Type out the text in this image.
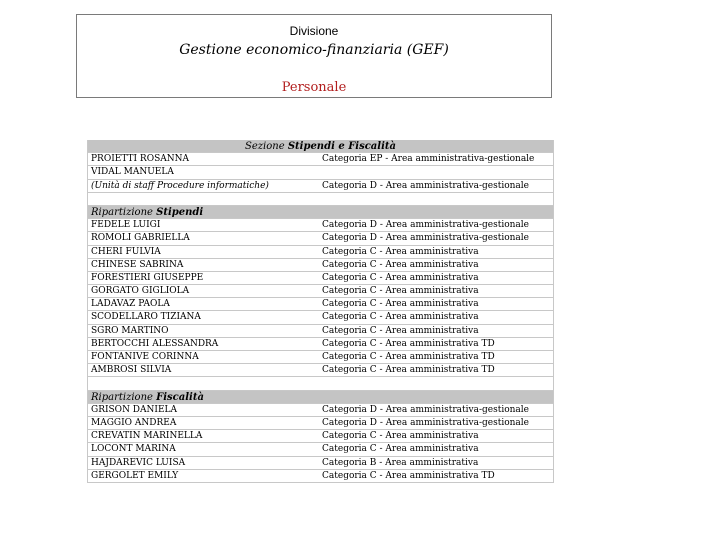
Divisione
Gestione economico-finanziaria (GEF)
Personale
Sezione Stipendi e Fiscalità
PROIETTI ROSANNA	Categoria EP - Area amministrativa-gestionale
VIDAL MANUELA
(Unità di staff Procedure informatiche)	Categoria D - Area amministrativa-gestionale
Ripartizione Stipendi
FEDELE LUIGI	Categoria D - Area amministrativa-gestionale
ROMOLI GABRIELLA	Categoria D - Area amministrativa-gestionale
CHERI FULVIA	Categoria C - Area amministrativa
CHINESE SABRINA	Categoria C - Area amministrativa
FORESTIERI GIUSEPPE	Categoria C - Area amministrativa
GORGATO GIGLIOLA	Categoria C - Area amministrativa
LADAVAZ PAOLA	Categoria C - Area amministrativa
SCODELLARO TIZIANA	Categoria C - Area amministrativa
SGRO MARTINO	Categoria C - Area amministrativa
BERTOCCHI ALESSANDRA	Categoria C - Area amministrativa TD
FONTANIVE CORINNA	Categoria C - Area amministrativa TD
AMBROSI SILVIA	Categoria C - Area amministrativa TD
Ripartizione Fiscalità
GRISON DANIELA	Categoria D - Area amministrativa-gestionale
MAGGIO ANDREA	Categoria D - Area amministrativa-gestionale
CREVATIN MARINELLA	Categoria C - Area amministrativa
LOCONT MARINA	Categoria C - Area amministrativa
HAJDAREVIC LUISA	Categoria B - Area amministrativa
GERGOLET EMILY	Categoria C - Area amministrativa TD
